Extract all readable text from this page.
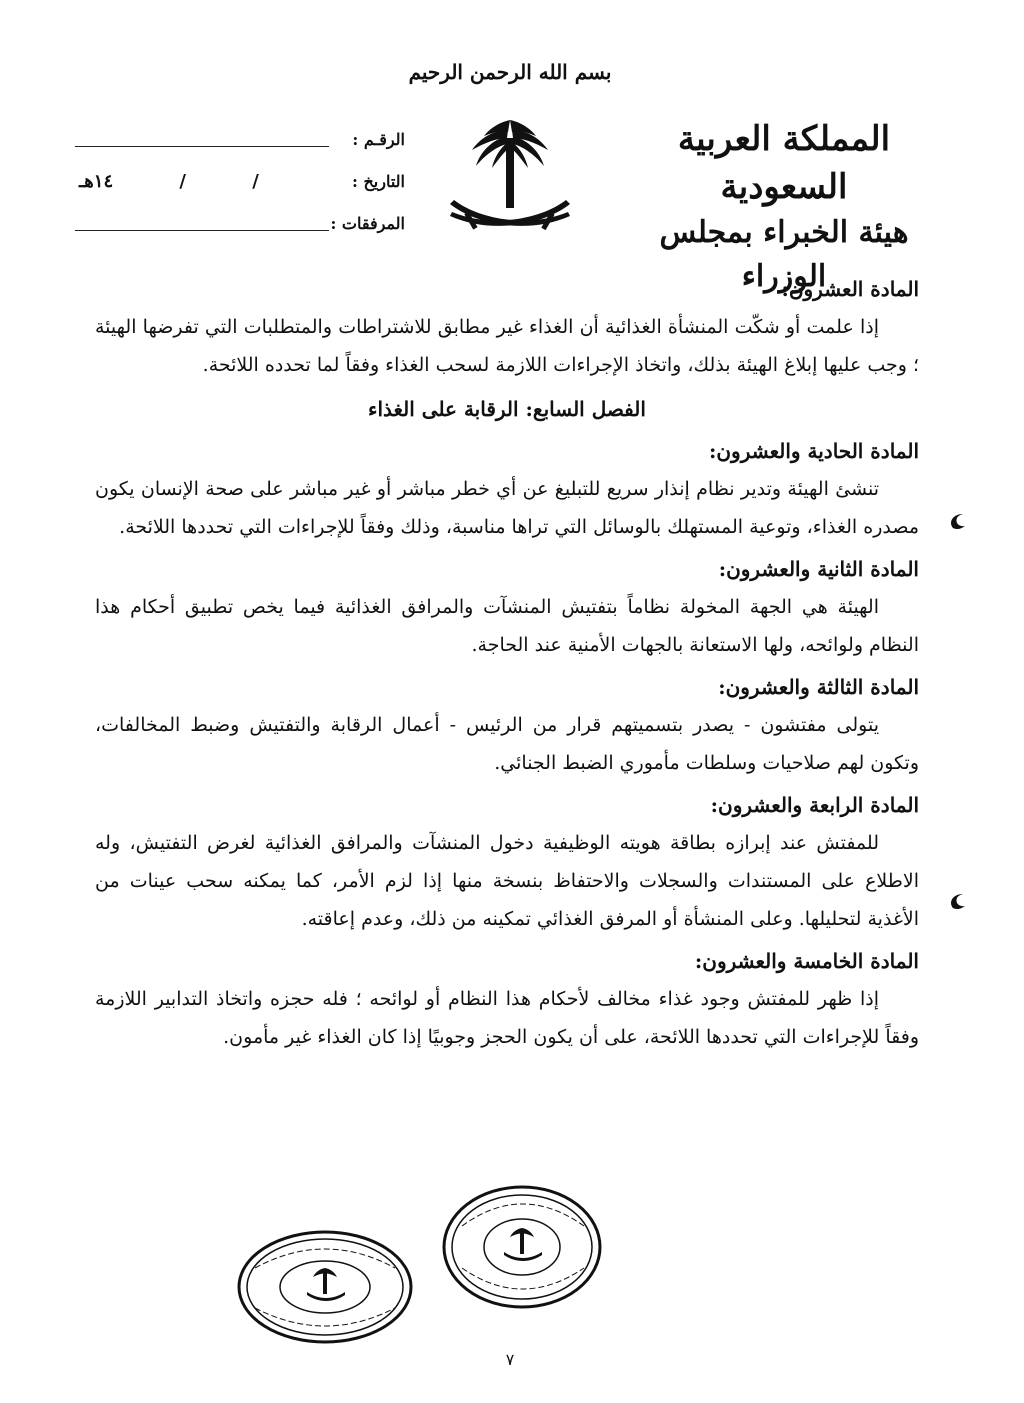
بسم الله الرحمن الرحيم
المملكة العربية السعودية
هيئة الخبراء بمجلس الوزراء
الرقـم :
التاريخ :
/
/
١٤هـ
المرفقات :

المادة العشرون:

إذا علمت أو شكّت المنشأة الغذائية أن الغذاء غير مطابق للاشتراطات والمتطلبات التي تفرضها الهيئة ؛ وجب عليها إبلاغ الهيئة بذلك، واتخاذ الإجراءات اللازمة لسحب الغذاء وفقاً لما تحدده اللائحة.

الفصل السابع: الرقابة على الغذاء

المادة الحادية والعشرون:

تنشئ الهيئة وتدير نظام إنذار سريع للتبليغ عن أي خطر مباشر أو غير مباشر على صحة الإنسان يكون مصدره الغذاء، وتوعية المستهلك بالوسائل التي تراها مناسبة، وذلك وفقاً للإجراءات التي تحددها اللائحة.

المادة الثانية والعشرون:

الهيئة هي الجهة المخولة نظاماً بتفتيش المنشآت والمرافق الغذائية فيما يخص تطبيق أحكام هذا النظام ولوائحه، ولها الاستعانة بالجهات الأمنية عند الحاجة.

المادة الثالثة والعشرون:

يتولى مفتشون - يصدر بتسميتهم قرار من الرئيس - أعمال الرقابة والتفتيش وضبط المخالفات، وتكون لهم صلاحيات وسلطات مأموري الضبط الجنائي.

المادة الرابعة والعشرون:

للمفتش عند إبرازه بطاقة هويته الوظيفية دخول المنشآت والمرافق الغذائية لغرض التفتيش، وله الاطلاع على المستندات والسجلات والاحتفاظ بنسخة منها إذا لزم الأمر، كما يمكنه سحب عينات من الأغذية لتحليلها. وعلى المنشأة أو المرفق الغذائي تمكينه من ذلك، وعدم إعاقته.

المادة الخامسة والعشرون:

إذا ظهر للمفتش وجود غذاء مخالف لأحكام هذا النظام أو لوائحه ؛ فله حجزه واتخاذ التدابير اللازمة وفقاً للإجراءات التي تحددها اللائحة، على أن يكون الحجز وجوبيًا إذا كان الغذاء غير مأمون.

٧
